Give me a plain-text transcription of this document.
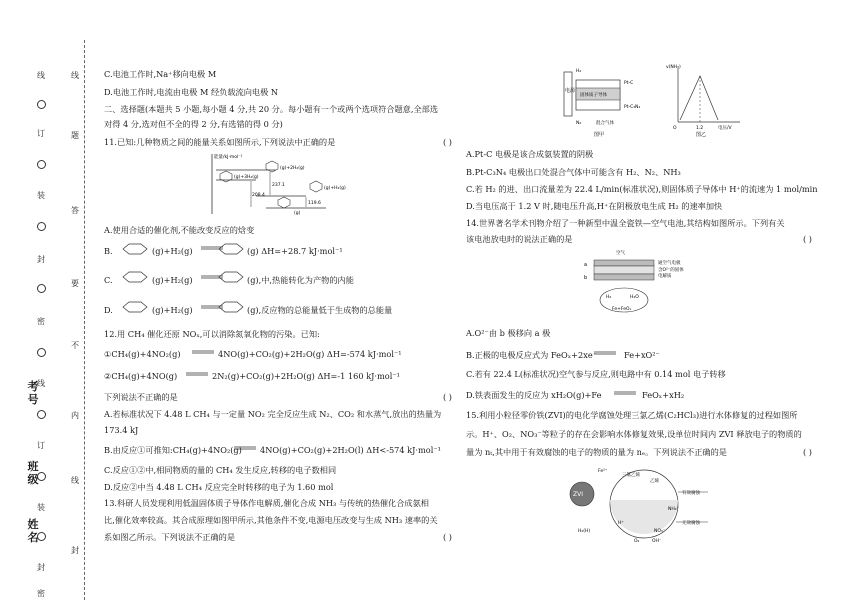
线
订
装
封
密
线
订
装
封
密
线
题
答
要
不
内
线
封
考号
班级
姓名
C.电池工作时,Na⁺移向电极 M
D.电池工作时,电流由电极 M 经负载流向电极 N
二、选择题(本题共 5 小题,每小题 4 分,共 20 分。每小题有一个或两个选项符合题意,全部选
对得 4 分,选对但不全的得 2 分,有选错的得 0 分)
11.已知:几种物质之间的能量关系如图所示,下列说法中正确的是	( )
能量/kJ·mol⁻¹
(g)+2H₂(g)
(g)+3H₂(g)
(g)+H₂(g)
(g)
237.1
208.4
119.6
A.使用合适的催化剂,不能改变反应的焓变
B.	(g)+H₂(g)	(g) ΔH=+28.7 kJ·mol⁻¹
C.	(g)+H₂(g)	(g),中,热能转化为产物的内能
D.	(g)+H₂(g)	(g),反应物的总能量低于生成物的总能量
12.用 CH₄ 催化还原 NOₓ,可以消除氮氧化物的污染。已知:
①CH₄(g)+4NO₂(g)	4NO(g)+CO₂(g)+2H₂O(g) ΔH=-574 kJ·mol⁻¹
②CH₄(g)+4NO(g)	2N₂(g)+CO₂(g)+2H₂O(g) ΔH=-1 160 kJ·mol⁻¹
下列说法不正确的是	( )
A.若标准状况下 4.48 L CH₄ 与一定量 NO₂ 完全反应生成 N₂、CO₂ 和水蒸气,放出的热量为
173.4 kJ
B.由反应①可推知:CH₄(g)+4NO₂(g) 4NO(g)+CO₂(g)+2H₂O(l) ΔH<-574 kJ·mol⁻¹
C.反应①②中,相同物质的量的 CH₄ 发生反应,转移的电子数相同
D.反应②中当 4.48 L CH₄ 反应完全时转移的电子为 1.60 mol
13.科研人员发现利用低温固体质子导体作电解质,催化合成 NH₃ 与传统的热催化合成氨相
比,催化效率较高。其合成原理如图甲所示,其他条件不变,电源电压改变与生成 NH₃ 速率的关
系如图乙所示。下列说法不正确的是	( )
电源
固体质子导体
Pt-C
Pt-C₃N₄
H₂
N₂	混合气体
图甲
v(NH₃)
电压/V
O	1.2
图乙
A.Pt-C 电极是该合成氨装置的阴极
B.Pt-C₃N₄ 电极出口处混合气体中可能含有 H₂、N₂、NH₃
C.若 H₂ 的进、出口流量差为 22.4 L/min(标准状况),则固体质子导体中 H⁺的流速为 1 mol/min
D.当电压高于 1.2 V 时,随电压升高,H⁺在阴极放电生成 H₂ 的速率加快
14.世界著名学术刊物介绍了一种新型中温全瓷铁—空气电池,其结构如图所示。下列有关
该电池放电时的说法正确的是	( )
Fe+FeOₓ
H₂	H₂O
空气
a
b
通空气电极
含O²⁻的固体
电解质
A.O²⁻由 b 极移向 a 极
B.正极的电极反应式为 FeOₓ+2xe⁻	Fe+xO²⁻
C.若有 22.4 L(标准状况)空气参与反应,则电路中有 0.14 mol 电子转移
D.铁表面发生的反应为 xH₂O(g)+Fe	FeOₓ+xH₂
15.利用小粒径零价铁(ZVI)的电化学腐蚀处理三氯乙烯(C₂HCl₃)进行水体修复的过程如图所
示。H⁺、O₂、NO₃⁻等粒子的存在会影响水体修复效果,设单位时间内 ZVI 释放电子的物质的
量为 nₜ,其中用于有效腐蚀的电子的物质的量为 nₑ。下列说法不正确的是	( )
ZVI
三氯乙烯
乙烯
有效腐蚀
无效腐蚀
Fe²⁺
NH₄⁺
NO₃⁻
H⁺
O₂	OH⁻
H₂(H)
